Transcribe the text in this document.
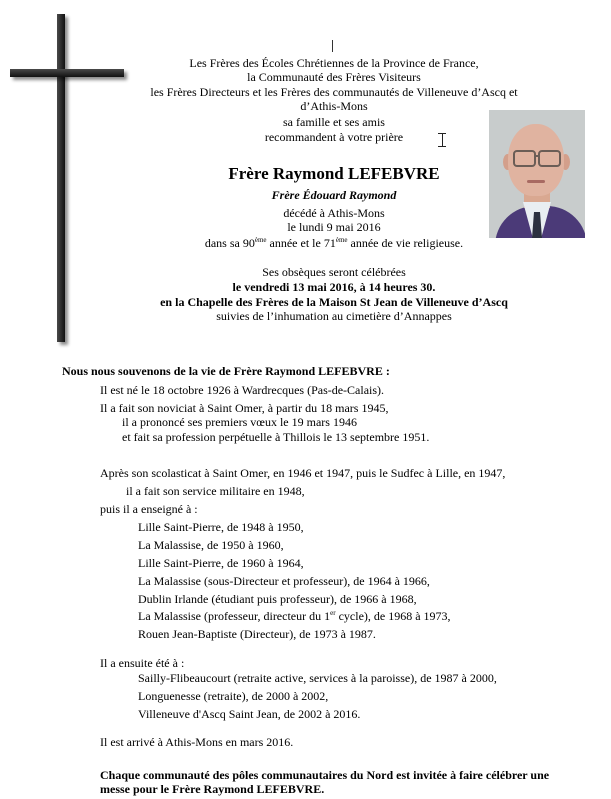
Les Frères des Écoles Chrétiennes de la Province de France,
la Communauté des Frères Visiteurs
les Frères Directeurs et les Frères des communautés de Villeneuve d’Ascq et
d’Athis-Mons
sa famille et ses amis
recommandent à votre prière
Frère Raymond LEFEBVRE
Frère Édouard Raymond
décédé à Athis-Mons
le lundi 9 mai 2016
dans sa 90ème année et le 71ème année de vie religieuse.
Ses obsèques seront célébrées
le vendredi 13 mai 2016, à 14 heures 30.
en la Chapelle des Frères de la Maison St Jean de Villeneuve d’Ascq
suivies de l’inhumation au cimetière d’Annappes
Nous nous souvenons de la vie de Frère Raymond LEFEBVRE :
Il est né le 18 octobre 1926 à Wardrecques (Pas-de-Calais).
Il a fait son noviciat à Saint Omer, à partir du 18 mars 1945,
il a prononcé ses premiers vœux le 19 mars 1946
et fait sa profession perpétuelle à Thillois le 13 septembre 1951.
Après son scolasticat à Saint Omer, en 1946 et 1947, puis le Sudfec à Lille, en 1947,
il a fait son service militaire en 1948,
puis il a enseigné à :
Lille Saint-Pierre, de 1948 à 1950,
La Malassise, de 1950 à 1960,
Lille Saint-Pierre, de 1960 à 1964,
La Malassise (sous-Directeur et professeur), de 1964 à 1966,
Dublin Irlande (étudiant puis professeur), de 1966 à 1968,
La Malassise (professeur, directeur du 1er cycle), de 1968 à 1973,
Rouen Jean-Baptiste (Directeur), de 1973 à 1987.
Il a ensuite été à :
Sailly-Flibeaucourt (retraite active, services à la paroisse), de 1987 à 2000,
Longuenesse (retraite), de 2000 à 2002,
Villeneuve d'Ascq Saint Jean, de 2002 à 2016.
Il est arrivé à Athis-Mons en mars 2016.
Chaque communauté des pôles communautaires du Nord est invitée à faire célébrer une
messe pour le Frère Raymond LEFEBVRE.
